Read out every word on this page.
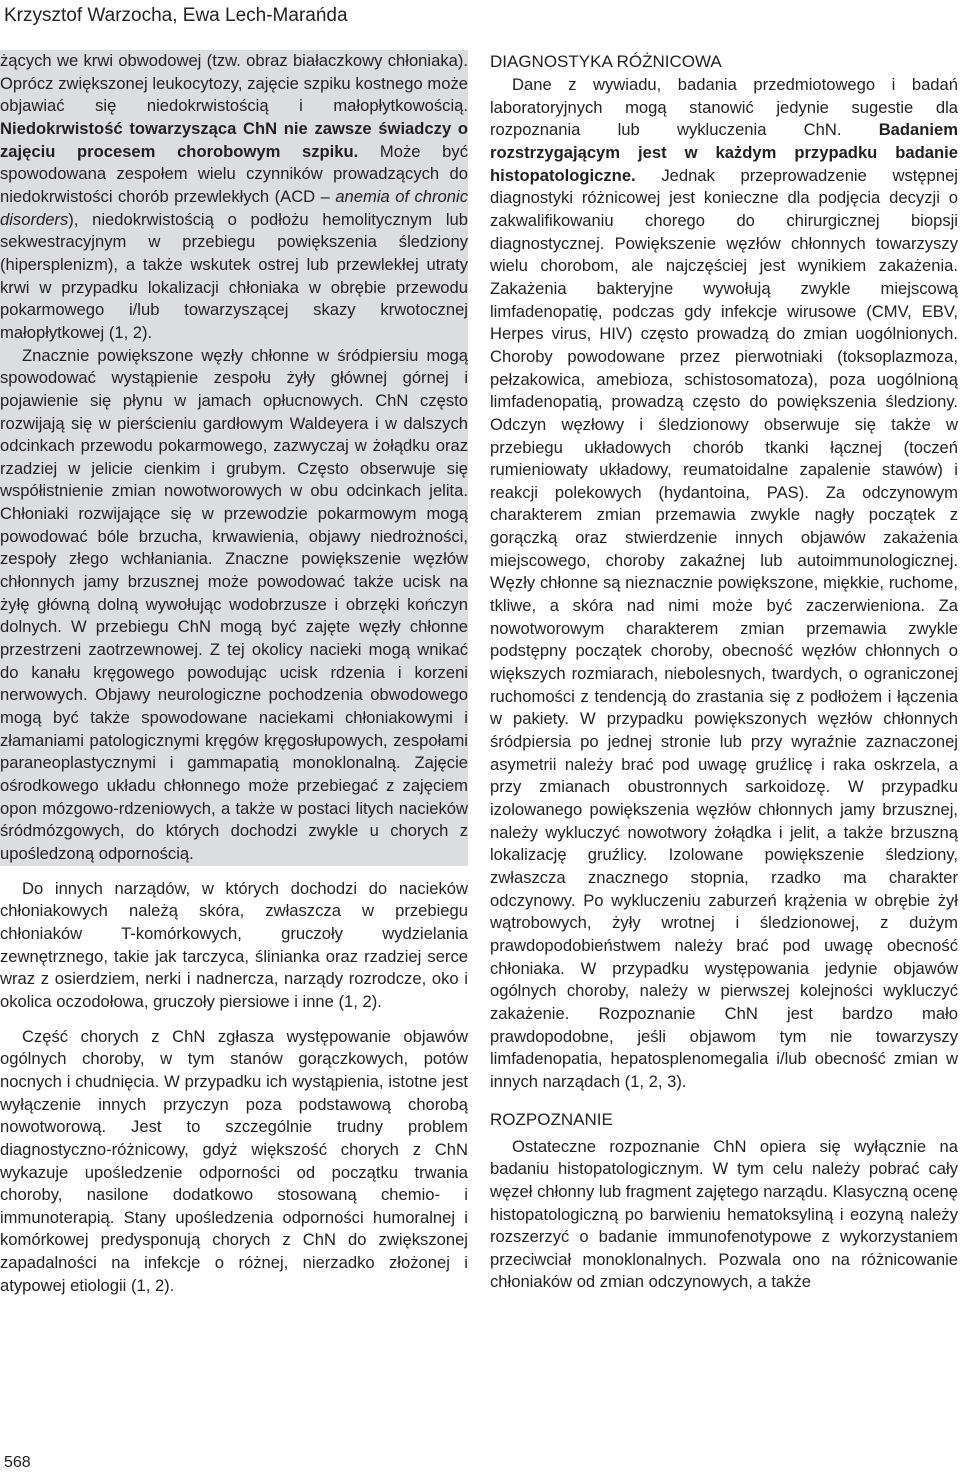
Krzysztof Warzocha, Ewa Lech-Marańda

żących we krwi obwodowej (tzw. obraz białaczkowy chłoniaka). Oprócz zwiększonej leukocytozy, zajęcie szpiku kostnego może objawiać się niedokrwistością i małopłytkowością. Niedokrwistość towarzysząca ChN nie zawsze świadczy o zajęciu procesem chorobowym szpiku. Może być spowodowana zespołem wielu czynników prowadzących do niedokrwistości chorób przewlekłych (ACD – anemia of chronic disorders), niedokrwistością o podłożu hemolitycznym lub sekwestracyjnym w przebiegu powiększenia śledziony (hipersplenizm), a także wskutek ostrej lub przewlekłej utraty krwi w przypadku lokalizacji chłoniaka w obrębie przewodu pokarmowego i/lub towarzyszącej skazy krwotocznej małopłytkowej (1, 2).

Znacznie powiększone węzły chłonne w śródpiersiu mogą spowodować wystąpienie zespołu żyły głównej górnej i pojawienie się płynu w jamach opłucnowych. ChN często rozwijają się w pierścieniu gardłowym Waldeyera i w dalszych odcinkach przewodu pokarmowego, zazwyczaj w żołądku oraz rzadziej w jelicie cienkim i grubym. Często obserwuje się współistnienie zmian nowotworowych w obu odcinkach jelita. Chłoniaki rozwijające się w przewodzie pokarmowym mogą powodować bóle brzucha, krwawienia, objawy niedrożności, zespoły złego wchłaniania. Znaczne powiększenie węzłów chłonnych jamy brzusznej może powodować także ucisk na żyłę główną dolną wywołując wodobrzusze i obrzęki kończyn dolnych. W przebiegu ChN mogą być zajęte węzły chłonne przestrzeni zaotrzewnowej. Z tej okolicy nacieki mogą wnikać do kanału kręgowego powodując ucisk rdzenia i korzeni nerwowych. Objawy neurologiczne pochodzenia obwodowego mogą być także spowodowane naciekami chłoniakowymi i złamaniami patologicznymi kręgów kręgosłupowych, zespołami paraneoplastycznymi i gammapatią monoklonalną. Zajęcie ośrodkowego układu chłonnego może przebiegać z zajęciem opon mózgowo-rdzeniowych, a także w postaci litych nacieków śródmózgowych, do których dochodzi zwykle u chorych z upośledzoną odpornością.

Do innych narządów, w których dochodzi do nacieków chłoniakowych należą skóra, zwłaszcza w przebiegu chłoniaków T-komórkowych, gruczoły wydzielania zewnętrznego, takie jak tarczyca, ślinianka oraz rzadziej serce wraz z osierdziem, nerki i nadnercza, narządy rozrodcze, oko i okolica oczodołowa, gruczoły piersiowe i inne (1, 2).

Część chorych z ChN zgłasza występowanie objawów ogólnych choroby, w tym stanów gorączkowych, potów nocnych i chudnięcia. W przypadku ich wystąpienia, istotne jest wyłączenie innych przyczyn poza podstawową chorobą nowotworową. Jest to szczególnie trudny problem diagnostyczno-różnicowy, gdyż większość chorych z ChN wykazuje upośledzenie odporności od początku trwania choroby, nasilone dodatkowo stosowaną chemio- i immunoterapią. Stany upośledzenia odporności humoralnej i komórkowej predysponują chorych z ChN do zwiększonej zapadalności na infekcje o różnej, nierzadko złożonej i atypowej etiologii (1, 2).

DIAGNOSTYKA RÓŻNICOWA

Dane z wywiadu, badania przedmiotowego i badań laboratoryjnych mogą stanowić jedynie sugestie dla rozpoznania lub wykluczenia ChN. Badaniem rozstrzygającym jest w każdym przypadku badanie histopatologiczne. Jednak przeprowadzenie wstępnej diagnostyki różnicowej jest konieczne dla podjęcia decyzji o zakwalifikowaniu chorego do chirurgicznej biopsji diagnostycznej. Powiększenie węzłów chłonnych towarzyszy wielu chorobom, ale najczęściej jest wynikiem zakażenia. Zakażenia bakteryjne wywołują zwykle miejscową limfadenopatię, podczas gdy infekcje wirusowe (CMV, EBV, Herpes virus, HIV) często prowadzą do zmian uogólnionych. Choroby powodowane przez pierwotniaki (toksoplazmoza, pełzakowica, amebioza, schistosomatoza), poza uogólnioną limfadenopatią, prowadzą często do powiększenia śledziony. Odczyn węzłowy i śledzionowy obserwuje się także w przebiegu układowych chorób tkanki łącznej (toczeń rumieniowaty układowy, reumatoidalne zapalenie stawów) i reakcji polekowych (hydantoina, PAS). Za odczynowym charakterem zmian przemawia zwykle nagły początek z gorączką oraz stwierdzenie innych objawów zakażenia miejscowego, choroby zakaźnej lub autoimmunologicznej. Węzły chłonne są nieznacznie powiększone, miękkie, ruchome, tkliwe, a skóra nad nimi może być zaczerwieniona. Za nowotworowym charakterem zmian przemawia zwykle podstępny początek choroby, obecność węzłów chłonnych o większych rozmiarach, niebolesnych, twardych, o ograniczonej ruchomości z tendencją do zrastania się z podłożem i łączenia w pakiety. W przypadku powiększonych węzłów chłonnych śródpiersia po jednej stronie lub przy wyraźnie zaznaczonej asymetrii należy brać pod uwagę gruźlicę i raka oskrzela, a przy zmianach obustronnych sarkoidozę. W przypadku izolowanego powiększenia węzłów chłonnych jamy brzusznej, należy wykluczyć nowotwory żołądka i jelit, a także brzuszną lokalizację gruźlicy. Izolowane powiększenie śledziony, zwłaszcza znacznego stopnia, rzadko ma charakter odczynowy. Po wykluczeniu zaburzeń krążenia w obrębie żył wątrobowych, żyły wrotnej i śledzionowej, z dużym prawdopodobieństwem należy brać pod uwagę obecność chłoniaka. W przypadku występowania jedynie objawów ogólnych choroby, należy w pierwszej kolejności wykluczyć zakażenie. Rozpoznanie ChN jest bardzo mało prawdopodobne, jeśli objawom tym nie towarzyszy limfadenopatia, hepatosplenomegalia i/lub obecność zmian w innych narządach (1, 2, 3).

ROZPOZNANIE

Ostateczne rozpoznanie ChN opiera się wyłącznie na badaniu histopatologicznym. W tym celu należy pobrać cały węzeł chłonny lub fragment zajętego narządu. Klasyczną ocenę histopatologiczną po barwieniu hematoksyliną i eozyną należy rozszerzyć o badanie immunofenotypowe z wykorzystaniem przeciwciał monoklonalnych. Pozwala ono na różnicowanie chłoniaków od zmian odczynowych, a także

568
